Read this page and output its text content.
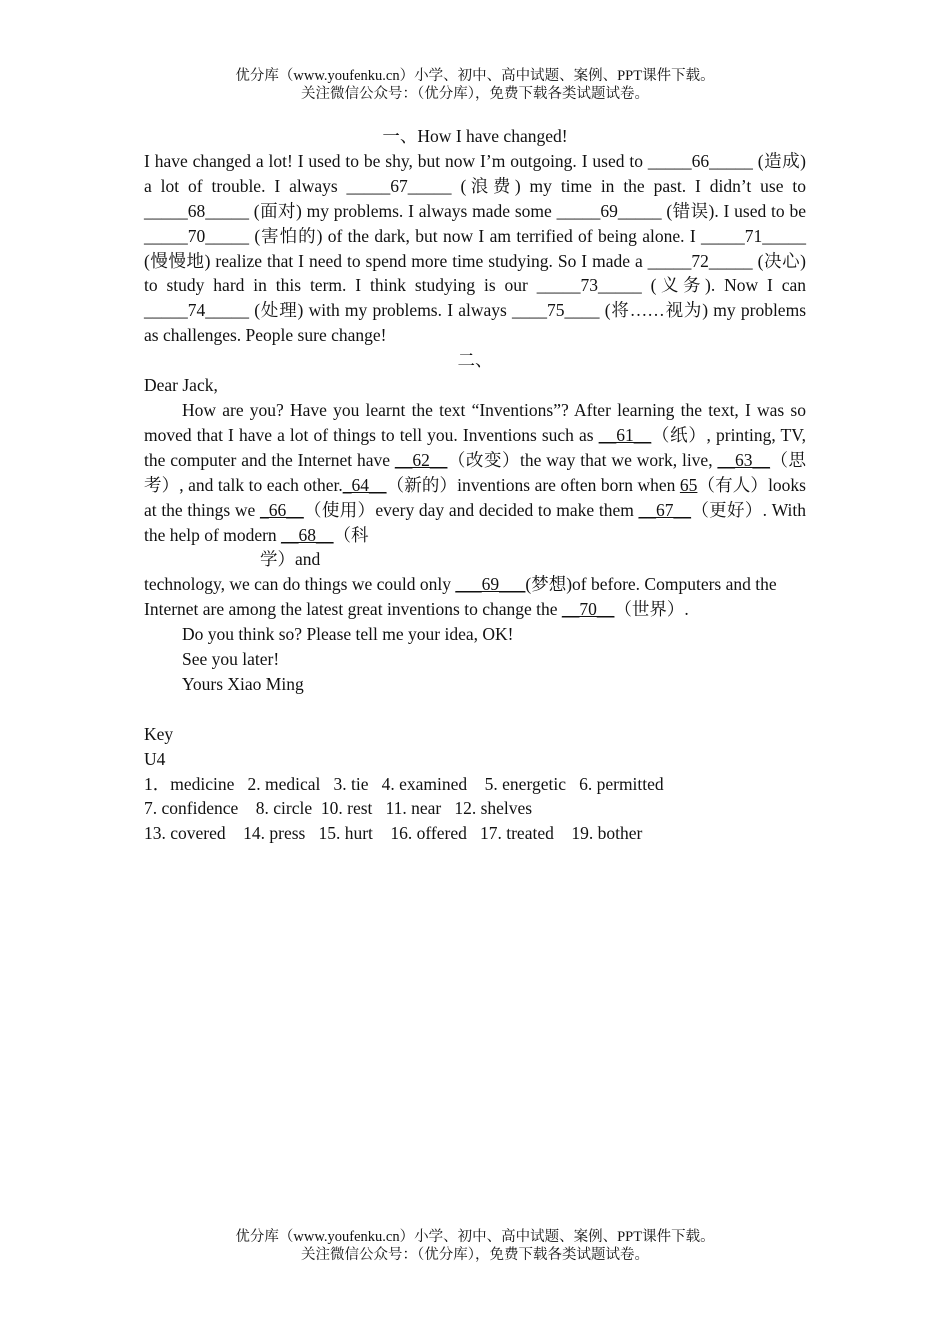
优分库（www.youfenku.cn）小学、初中、高中试题、案例、PPT课件下载。
关注微信公众号：（优分库），免费下载各类试题试卷。

一、How I have changed!

I have changed a lot! I used to be shy, but now I’m outgoing. I used to _____66_____ (造成) a lot of trouble. I always _____67_____ (浪费) my time in the past. I didn’t use to _____68_____ (面对) my problems. I always made some _____69_____ (错误). I used to be _____70_____ (害怕的) of the dark, but now I am terrified of being alone. I _____71_____ (慢慢地) realize that I need to spend more time studying. So I made a _____72_____ (决心) to study hard in this term. I think studying is our _____73_____ (义务). Now I can _____74_____ (处理) with my problems. I always ____75____ (将……视为) my problems as challenges. People sure change!

二、

Dear Jack,

How are you? Have you learnt the text “Inventions”? After learning the text, I was so moved that I have a lot of things to tell you. Inventions such as __61__（纸）, printing, TV, the computer and the Internet have __62__（改变）the way that we work, live, __63__（思考）, and talk to each other._64__（新的）inventions are often born when 65（有人）looks at the things we _66__（使用）every day and decided to make them __67__（更好）. With the help of modern __68__（科

学）and

technology, we can do things we could only ___69___(梦想)of before. Computers and the Internet are among the latest great inventions to change the __70__（世界）.

Do you think so? Please tell me your idea, OK!

See you later!

Yours Xiao Ming

Key

U4

1．medicine   2. medical   3. tie   4. examined    5. energetic   6. permitted

7. confidence    8. circle  10. rest   11. near   12. shelves

13. covered    14. press   15. hurt    16. offered   17. treated    19. bother

优分库（www.youfenku.cn）小学、初中、高中试题、案例、PPT课件下载。
关注微信公众号：（优分库），免费下载各类试题试卷。
